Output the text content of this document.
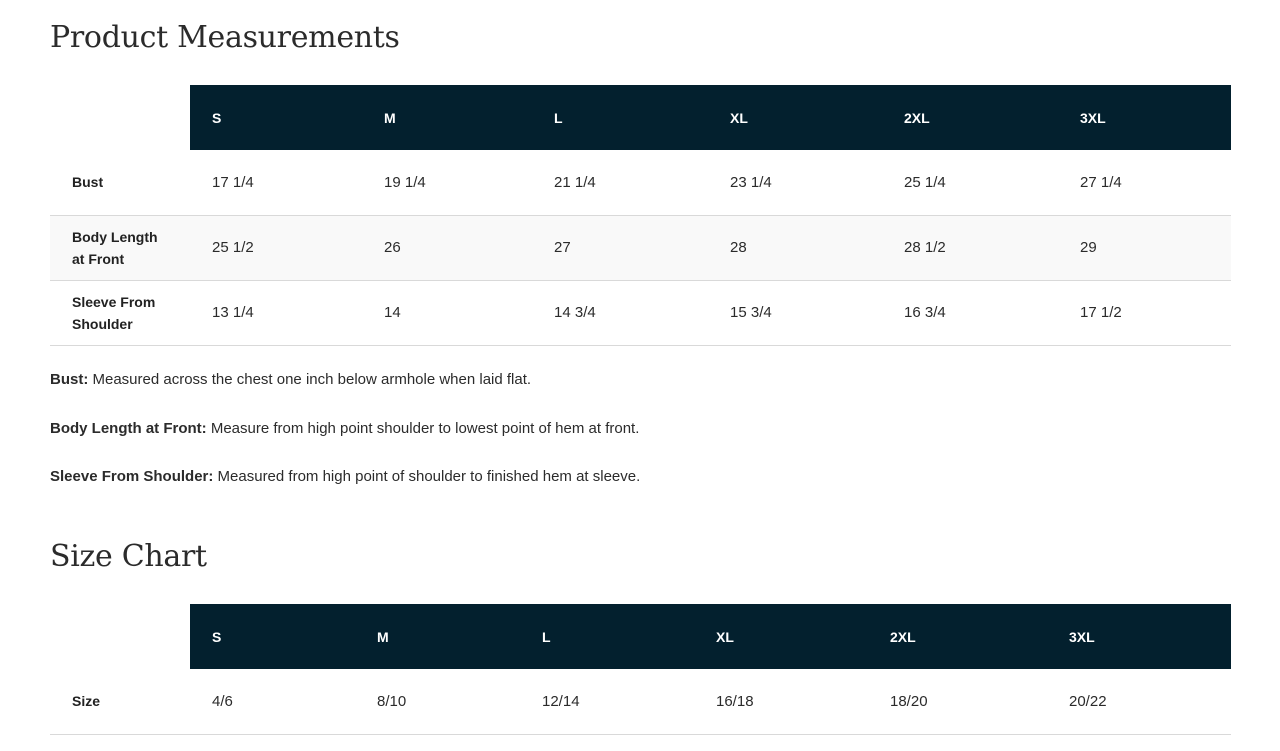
Product Measurements
	S	M	L	XL	2XL	3XL
Bust	17 1/4	19 1/4	21 1/4	23 1/4	25 1/4	27 1/4
Body Length at Front	25 1/2	26	27	28	28 1/2	29
Sleeve From Shoulder	13 1/4	14	14 3/4	15 3/4	16 3/4	17 1/2

Bust: Measured across the chest one inch below armhole when laid flat.

Body Length at Front: Measure from high point shoulder to lowest point of hem at front.

Sleeve From Shoulder: Measured from high point of shoulder to finished hem at sleeve.

Size Chart
	S	M	L	XL	2XL	3XL
Size	4/6	8/10	12/14	16/18	18/20	20/22
